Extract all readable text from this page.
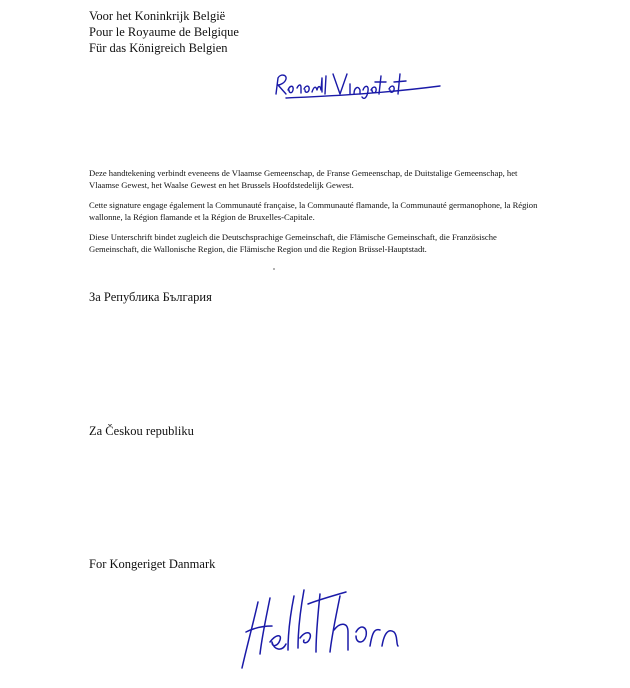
Voor het Koninkrijk België
Pour le Royaume de Belgique
Für das Königreich Belgien
Rabord Vingetot

Deze handtekening verbindt eveneens de Vlaamse Gemeenschap, de Franse Gemeenschap, de Duitstalige Gemeenschap, het Vlaamse Gewest, het Waalse Gewest en het Brussels Hoofdstedelijk Gewest.

Cette signature engage également la Communauté française, la Communauté flamande, la Communauté germanophone, la Région wallonne, la Région flamande et la Région de Bruxelles-Capitale.

Diese Unterschrift bindet zugleich die Deutschsprachige Gemeinschaft, die Flämische Gemeinschaft, die Französische Gemeinschaft, die Wallonische Region, die Flämische Region und die Region Brüssel-Hauptstadt.

За Република България

Za Českou republiku

For Kongeriget Danmark

Helle Thorning
